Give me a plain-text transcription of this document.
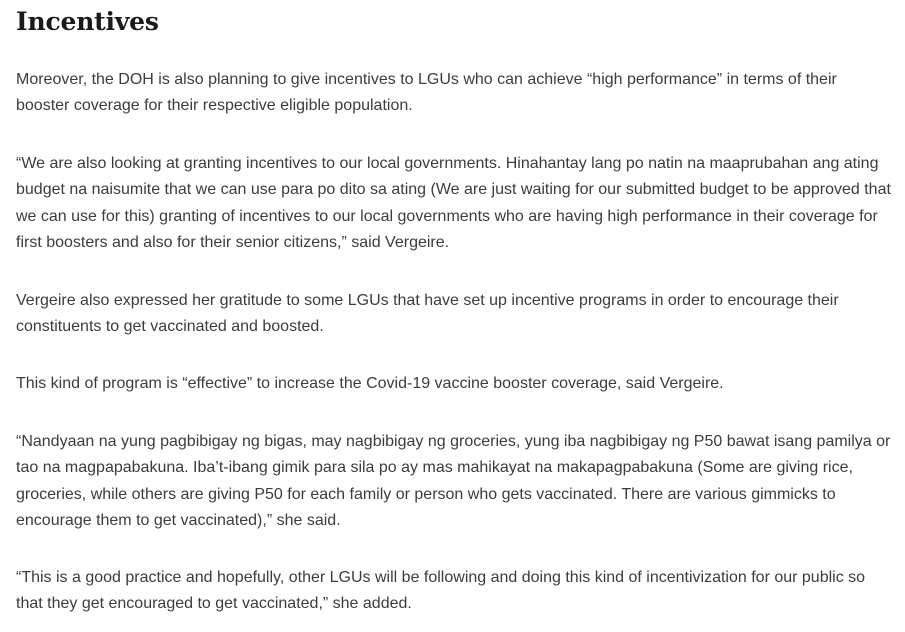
Incentives

Moreover, the DOH is also planning to give incentives to LGUs who can achieve “high performance” in terms of their booster coverage for their respective eligible population.

“We are also looking at granting incentives to our local governments. Hinahantay lang po natin na maaprubahan ang ating budget na naisumite that we can use para po dito sa ating (We are just waiting for our submitted budget to be approved that we can use for this) granting of incentives to our local governments who are having high performance in their coverage for first boosters and also for their senior citizens,” said Vergeire.

Vergeire also expressed her gratitude to some LGUs that have set up incentive programs in order to encourage their constituents to get vaccinated and boosted.

This kind of program is “effective” to increase the Covid-19 vaccine booster coverage, said Vergeire.

“Nandyaan na yung pagbibigay ng bigas, may nagbibigay ng groceries, yung iba nagbibigay ng P50 bawat isang pamilya or tao na magpapabakuna. Iba’t-ibang gimik para sila po ay mas mahikayat na makapagpabakuna (Some are giving rice, groceries, while others are giving P50 for each family or person who gets vaccinated. There are various gimmicks to encourage them to get vaccinated),” she said.

“This is a good practice and hopefully, other LGUs will be following and doing this kind of incentivization for our public so that they get encouraged to get vaccinated,” she added.
